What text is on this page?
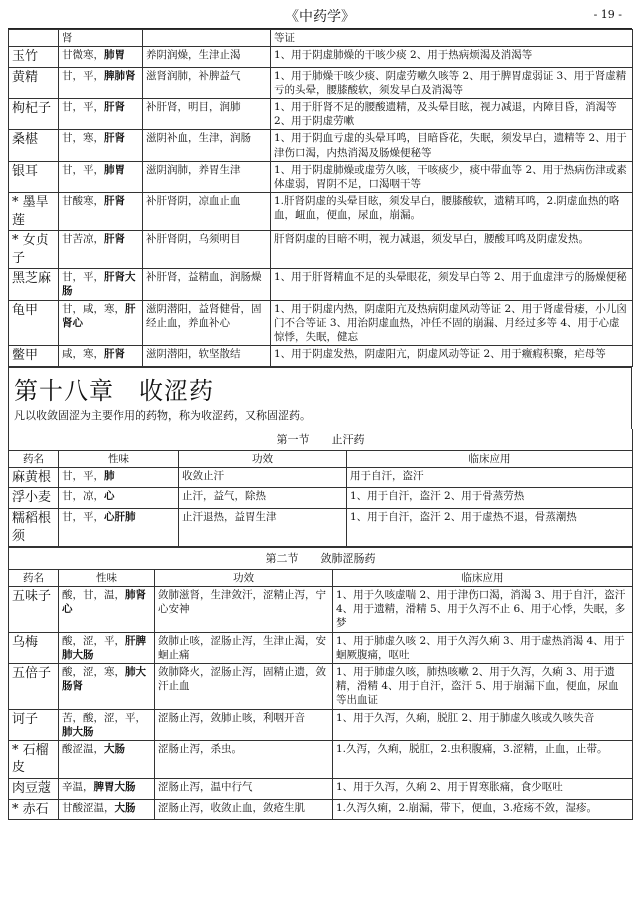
《中药学》	- 19 -
	肾		等证
玉竹	甘微寒，肺胃	养阴润燥，生津止渴	1、用于阴虚肺燥的干咳少痰 2、用于热病烦渴及消渴等
黄精	甘，平，脾肺肾	滋肾润肺，补脾益气	1、用于肺燥干咳少痰、阴虚劳嗽久咳等 2、用于脾胃虚弱证 3、用于肾虚精亏的头晕，腰膝酸软，须发早白及消渴等
枸杞子	甘，平，肝肾	补肝肾，明目，润肺	1、用于肝肾不足的腰酸遗精，及头晕目眩，视力减退，内障目昏，消渴等 2、用于阴虚劳嗽
桑椹	甘，寒，肝肾	滋阴补血，生津，润肠	1、用于阴血亏虚的头晕耳鸣，目暗昏花，失眠，须发早白，遗精等 2、用于津伤口渴，内热消渴及肠燥便秘等
银耳	甘，平，肺胃	滋阴润肺，养胃生津	1、用于阴虚肺燥或虚劳久咳，干咳痰少，痰中带血等 2、用于热病伤津或素体虚弱，胃阴不足，口渴咽干等
* 墨旱莲	甘酸寒，肝肾	补肝肾阴，凉血止血	1.肝肾阴虚的头晕目眩，须发早白，腰膝酸软，遗精耳鸣，2.阴虚血热的咯血，衄血，便血，尿血，崩漏。
* 女贞子	甘苦凉，肝肾	补肝肾阴，乌须明目	肝肾阴虚的目暗不明，视力减退，须发早白，腰酸耳鸣及阴虚发热。
黑芝麻	甘，平，肝肾大肠	补肝肾，益精血，润肠燥	1、用于肝肾精血不足的头晕眼花，须发早白等 2、用于血虚津亏的肠燥便秘
龟甲	甘，咸，寒，肝肾心	滋阴潜阳，益肾健骨，固经止血，养血补心	1、用于阴虚内热，阴虚阳亢及热病阴虚风动等证 2、用于肾虚骨痿，小儿囟门不合等证 3、用治阴虚血热，冲任不固的崩漏、月经过多等 4、用于心虚惊悸，失眠，健忘
鳖甲	咸，寒，肝肾	滋阴潜阳，软坚散结	1、用于阴虚发热，阴虚阳亢，阴虚风动等证 2、用于癥瘕积聚，疟母等
第十八章　收涩药
凡以收敛固涩为主要作用的药物，称为收涩药，又称固涩药。
第一节　　止汗药			
药名	性味	功效	临床应用
麻黄根	甘，平，肺	收敛止汗	用于自汗，盗汗
浮小麦	甘，凉，心	止汗，益气，除热	1、用于自汗，盗汗 2、用于骨蒸劳热
糯稻根须	甘，平，心肝肺	止汗退热，益胃生津	1、用于自汗，盗汗 2、用于虚热不退，骨蒸潮热
第二节　　敛肺涩肠药			
药名	性味	功效	临床应用
五味子	酸，甘，温，肺肾心	敛肺滋肾，生津敛汗，涩精止泻，宁心安神	1、用于久咳虚喘 2、用于津伤口渴，消渴 3、用于自汗，盗汗 4、用于遗精，滑精 5、用于久泻不止 6、用于心悸，失眠，多梦
乌梅	酸，涩，平，肝脾肺大肠	敛肺止咳，涩肠止泻，生津止渴，安蛔止痛	1、用于肺虚久咳 2、用于久泻久痢 3、用于虚热消渴 4、用于蛔厥腹痛，呕吐
五倍子	酸，涩，寒，肺大肠肾	敛肺降火，涩肠止泻，固精止遗，敛汗止血	1、用于肺虚久咳，肺热咳嗽 2、用于久泻，久痢 3、用于遗精，滑精 4、用于自汗，盗汗 5、用于崩漏下血，便血，尿血等出血证
诃子	苦，酸，涩，平，肺大肠	涩肠止泻，敛肺止咳，利咽开音	1、用于久泻，久痢，脱肛 2、用于肺虚久咳或久咳失音
* 石榴皮	酸涩温，大肠	涩肠止泻，杀虫。	1.久泻，久痢，脱肛，2.虫积腹痛，3.涩精，止血，止带。
肉豆蔻	辛温，脾胃大肠	涩肠止泻，温中行气	1、用于久泻，久痢 2、用于胃寒胀痛，食少呕吐
* 赤石	甘酸涩温，大肠	涩肠止泻，收敛止血，敛疮生肌	1.久泻久痢，2.崩漏，带下，便血，3.疮疡不敛，湿疹。
